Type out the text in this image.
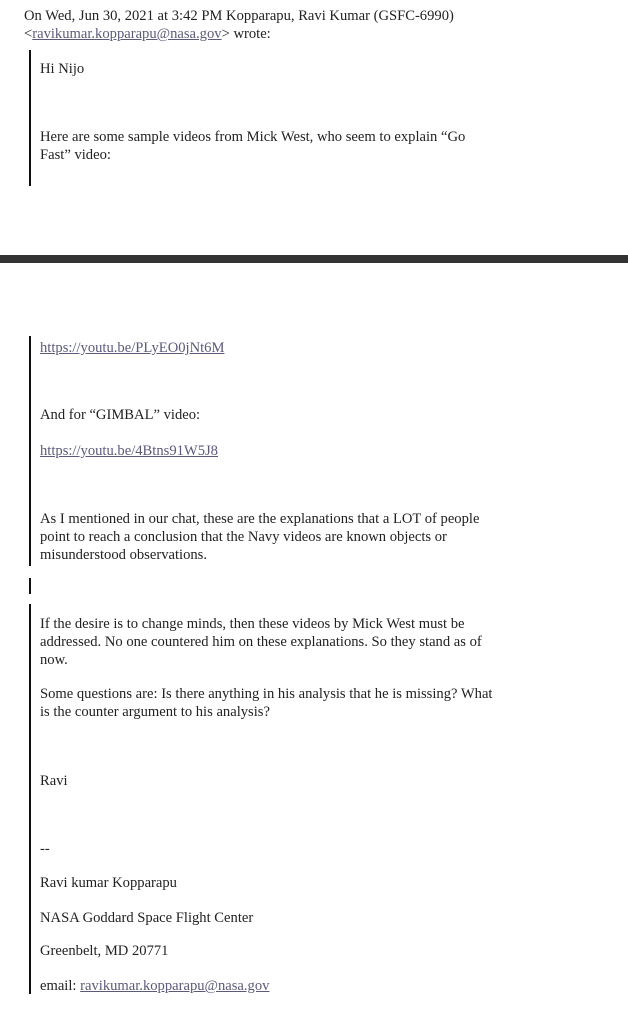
On Wed, Jun 30, 2021 at 3:42 PM Kopparapu, Ravi Kumar (GSFC-6990)
<ravikumar.kopparapu@nasa.gov> wrote:
Hi Nijo
Here are some sample videos from Mick West, who seem to explain “Go
Fast” video:
https://youtu.be/PLyEO0jNt6M
And for “GIMBAL” video:
https://youtu.be/4Btns91W5J8
As I mentioned in our chat, these are the explanations that a LOT of people
point to reach a conclusion that the Navy videos are known objects or
misunderstood observations.
If the desire is to change minds, then these videos by Mick West must be
addressed. No one countered him on these explanations. So they stand as of
now.
Some questions are: Is there anything in his analysis that he is missing? What
is the counter argument to his analysis?
Ravi
--
Ravi kumar Kopparapu
NASA Goddard Space Flight Center
Greenbelt, MD 20771
email: ravikumar.kopparapu@nasa.gov
